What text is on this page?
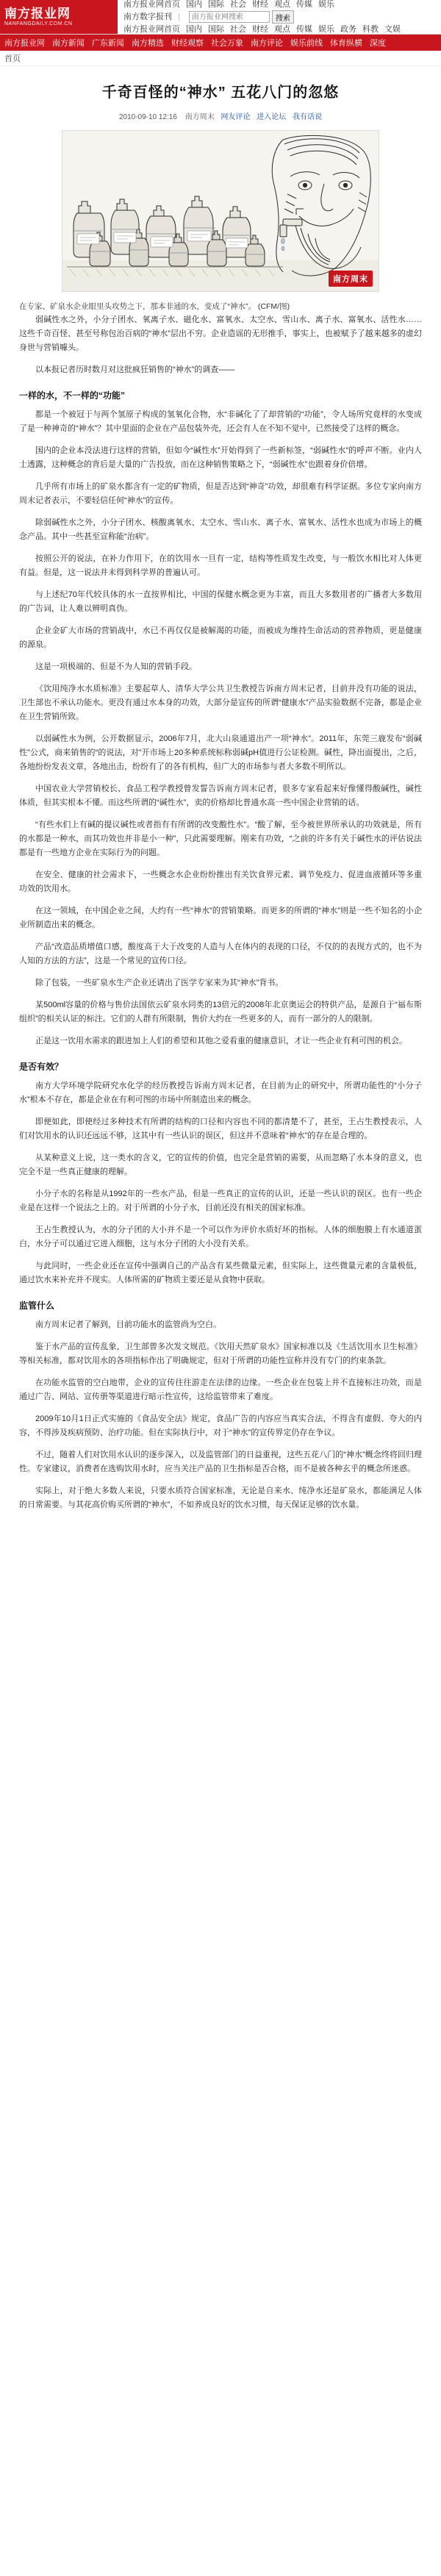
南方报业网
NANFANGDAILY.COM.CN
南方报业网首页 国内 国际 社会 财经 观点 传媒 娱乐
南方数字报刊 |
南方报业网搜索	搜索
南方报业网首页 国内 国际 社会 财经 观点 传媒 娱乐 政务 科教 文娱
南方报业网 南方新闻 广东新闻 南方精选 财经观察 社会万象 南方评论 娱乐前线 体育纵横 深度
首页
千奇百怪的“神水” 五花八门的忽悠
2010-09-10 12:16 南方周末 网友评论 进入论坛 我有话说
南方周末
在专家、矿泉水企业眼里头攻势之下，那本非通的水，变成了“神水”。 (CFM/图)

弱碱性水之外，小分子团水、氧离子水、磁化水、富氧水、太空水、雪山水、离子水、富氧水、活性水……这些千奇百怪、甚至号称包治百病的“神水”层出不穷。企业造谣的无形推手，事实上，也被赋予了越来越多的虚幻身世与营销噱头。

以本报记者历时数月对这批疯狂销售的“神水”的调查——

一样的水，不一样的“功能”

都是一个被冠于与两个氢原子构成的氢氧化合物，水“非碱化了了却营销的“功能”，令人场所究竟样的水变成了是一种神奇的“神水”？其中里面的企业在产品包装外壳，还会有人在不知不觉中，已然接受了这样的概念。

国内的企业本没法进行这样的营销，但如今“碱性水”开始得到了一些新标签，“弱碱性水”的呼声不断。业内人士透露，这种概念的背后是大量的广告投放，而在这种销售策略之下，“弱碱性水”也跟着身价倍增。

几乎所有市场上的矿泉水都含有一定的矿物质，但是否达到“神奇”功效，却很难有科学证据。多位专家向南方周末记者表示，不要轻信任何“神水”的宣传。

除弱碱性水之外，小分子团水、核酸离氧水、太空水、雪山水、离子水、富氧水、活性水也成为市场上的概念产品。其中一些甚至宣称能“治病”。

按照公开的说法，在补力作用下，在的饮用水一旦有一定，结构等性质发生改变，与一般饮水相比对人体更有益。但是，这一说法并未得到科学界的普遍认可。

与上述纪70年代较具体的水一直按界相比，中国的保健水概念更为丰富，而且大多数用者的广播者大多数用的广告词，让人难以辨明真伪。

企业金矿大市场的营销战中，水已不再仅仅是被解渴的功能，而被成为维持生命活动的营养物质，更是健康的源泉。

这是一项极端的、但是不为人知的营销手段。

《饮用纯净水水质标准》主要起草人、清华大学公共卫生教授告诉南方周末记者，目前并没有功能的说法，卫生部也不承认功能水。更没有通过水本身的功效，大部分是宣传的所谓“健康水”产品实验数据不完备，都是企业在卫生营销所致。

以弱碱性水为例，公开数据显示，2006年7月，北大山泉通道出产一项“神水”。2011年，东莞三鹿发布“弱碱性”公式，商来销售的“的说法，对”开市场上20多种系统标称弱碱pH值进行公证检测。碱性，降出面提出，之后，各地纷纷发表文章，各地出击，纷纷有了的各有机构，但广大的市场参与者大多数不明所以。

中国农业大学营销校长、食品工程学教授曾发誓告诉南方周末记者，很多专家看起来好像懂得酸碱性，碱性体质，但其实根本不懂。而这些所谓的“碱性水”，卖的价格却比普通水高一些中国企业营销的话。

“有些水们上有碱的提议碱性或者指有有所谓的改变酸性水”。“酸了解，至今被世界所承认的功效就是，所有的水都是一种水，而其功效也并非是小一种”，只此需要理解。刚来有功效，“之前的许多有关于碱性水的评估说法都是有一些地方企业在实际行为的问题。

在安全、健康的社会需求下，一些概念水企业纷纷推出有关饮食界元素、调节免疫力、促进血液循环等多重功效的饮用水。

在这一领域，在中国企业之间，大约有一些“神水”的营销策略。而更多的所谓的“神水”则是一些不知名的小企业所制造出来的概念。

产品“改造品质增值口感，酸度高于大于改变的人造与人在体内的表现的口径，不仅的的表现方式的，也不为人知的方法的方法”，这是一个常见的宣传口径。

除了包装，一些矿泉水生产企业还请出了医学专家来为其“神水”背书。

某500ml容量的价格与售价法国依云矿泉水同类的13倍元的2008年北京奥运会的特供产品，是源自于“福布斯组织”的相关认证的标注。它们的人群有所限制，售价大约在一些更多的人，而有一部分的人的限制。

正是这一饮用水需求的跟进加上人们的希望和其他之爱看重的健康意识，才让一些企业有利可图的机会。

是否有效？

南方大学环境学院研究水化学的经历教授告诉南方周末记者，在目前为止的研究中，所谓功能性的“小分子水”根本不存在，都是企业在有利可图的市场中所制造出来的概念。

即便如此，即使经过多种技术有所谓的结构的口径和内容也不同的都清楚不了，甚至，王占生教授表示，人们对饮用水的认识还远远不够，这其中有一些认识的误区，但这并不意味着“神水”的存在是合理的。

从某种意义上说，这一类水的含义，它的宣传的价值，也完全是营销的需要，从而忽略了水本身的意义，也完全不是一些真正健康的理解。

小分子水的名称是从1992年的一些水产品，但是一些真正的宣传的认识，还是一些认识的误区。也有一些企业是在这样一个说法之上的。对于所谓的小分子水，目前还没有相关的国家标准。

王占生教授认为，水的分子团的大小并不是一个可以作为评价水质好坏的指标。人体的细胞膜上有水通道蛋白，水分子可以通过它进入细胞，这与水分子团的大小没有关系。

与此同时，一些企业还在宣传中强调自己的产品含有某些微量元素，但实际上，这些微量元素的含量极低，通过饮水来补充并不现实。人体所需的矿物质主要还是从食物中获取。

监管什么

南方周末记者了解到，目前功能水的监管尚为空白。

鉴于水产品的宣传乱象，卫生部曾多次发文规范。《饮用天然矿泉水》国家标准以及《生活饮用水卫生标准》等相关标准，都对饮用水的各项指标作出了明确规定，但对于所谓的功能性宣称并没有专门的约束条款。

在功能水监管的空白地带，企业的宣传往往游走在法律的边缘。一些企业在包装上并不直接标注功效，而是通过广告、网站、宣传册等渠道进行暗示性宣传，这给监管带来了难度。

2009年10月1日正式实施的《食品安全法》规定，食品广告的内容应当真实合法，不得含有虚假、夸大的内容，不得涉及疾病预防、治疗功能。但在实际执行中，对于“神水”的宣传界定仍存在争议。

不过，随着人们对饮用水认识的逐步深入，以及监管部门的日益重视，这些五花八门的“神水”概念终将回归理性。专家建议，消费者在选购饮用水时，应当关注产品的卫生指标是否合格，而不是被各种玄乎的概念所迷惑。

实际上，对于绝大多数人来说，只要水质符合国家标准，无论是自来水、纯净水还是矿泉水，都能满足人体的日常需要。与其花高价购买所谓的“神水”，不如养成良好的饮水习惯，每天保证足够的饮水量。
